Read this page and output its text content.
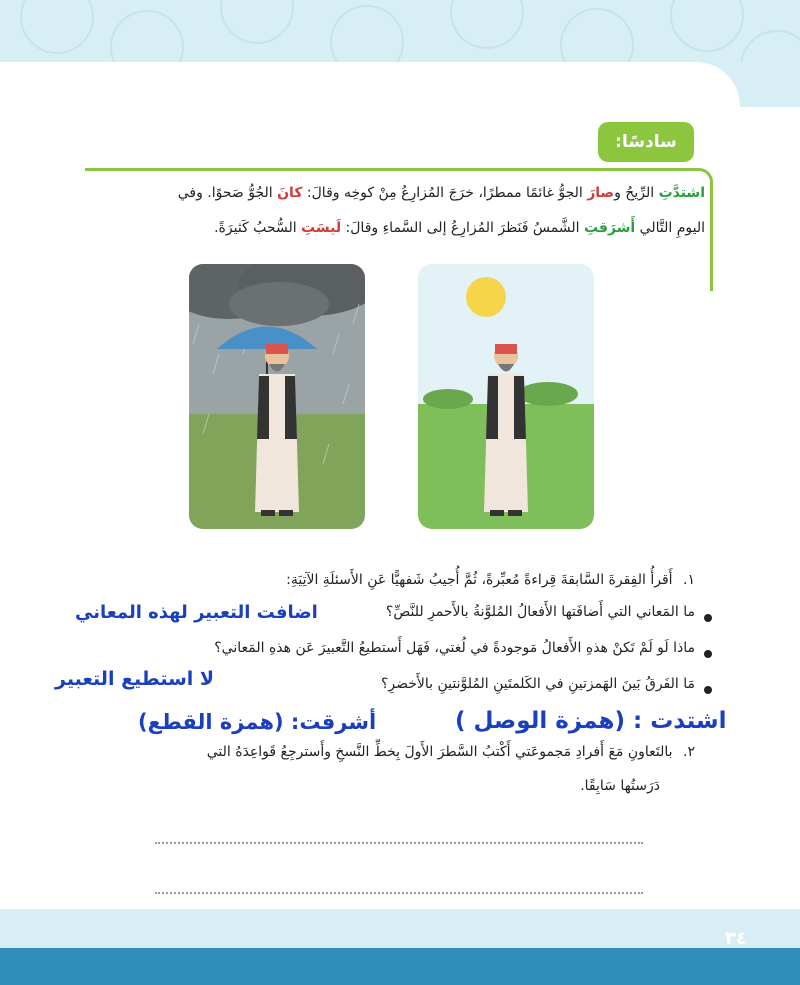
سادسًا:
اشتدَّتِ الرِّيحُ وصارَ الجوُّ غائمًا ممطرًا، خرَجَ المُزارِعُ مِنْ كوخِه وقالَ: كانَ الجُوُّ صَحوًا. وفي
اليومِ التَّالي أَشرَقتِ الشَّمسُ فَنَظرَ المُزارِعُ إلى السَّماءِ وقالَ: لَيسَتِ السُّحبُ كَثيرَةً.
١. أَقرأُ الفِقرةَ السَّابقةَ قِراءةً مُعبِّرةً، ثُمَّ أُجيبُ شَفهيًّا عَنِ الأَسئلَةِ الآتِيَةِ:
ما المَعاني التي أَضافَتها الأَفعالُ المُلوَّنةُ بالأَحمرِ للنَّصِّ؟
اضافت التعبير لهذه المعاني
ماذا لَو لَمْ تَكنْ هذهِ الأَفعالُ مَوجودةً في لُغتي، فَهَل أَستطيعُ التَّعبيرَ عَن هذهِ المَعاني؟
لا استطيع التعبير	مَا الفَرقُ بَينَ الهَمزتينِ في الكَلمتَينِ المُلوَّنتينِ بالأَخضرِ؟
أشرقت: (همزة القطع)	اشتدت : (همزة الوصل )
٢. بالتَعاونِ مَعَ أَفرادِ مَجموعَتي أَكْتبُ السَّطرَ الأَولَ بِخطِّ النَّسخِ وأَسترجِعُ قَواعِدَهُ التي
دَرَستُها سَابِقًا.
٣٤
